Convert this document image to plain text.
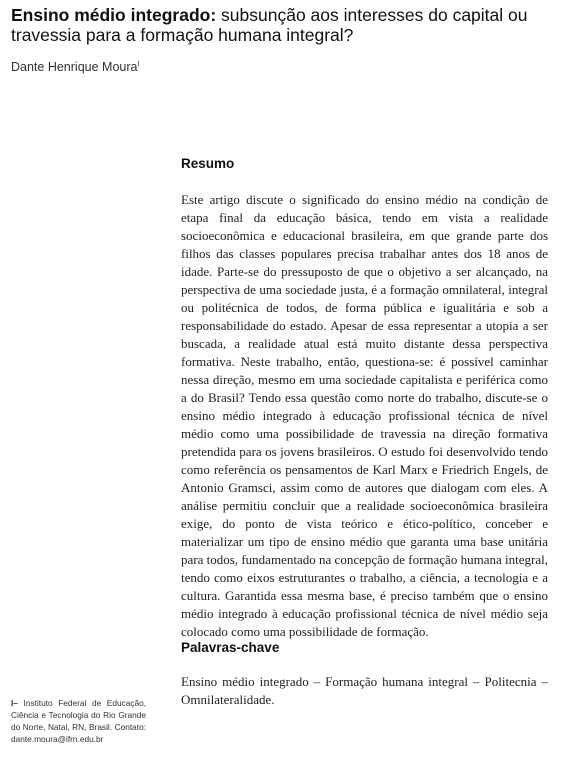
Ensino médio integrado: subsunção aos interesses do capital ou travessia para a formação humana integral?
Dante Henrique Moura$^I$
Resumo
Este artigo discute o significado do ensino médio na condição de etapa final da educação básica, tendo em vista a realidade socioeconômica e educacional brasileira, em que grande parte dos filhos das classes populares precisa trabalhar antes dos 18 anos de idade. Parte-se do pressuposto de que o objetivo a ser alcançado, na perspectiva de uma sociedade justa, é a formação omnilateral, integral ou politécnica de todos, de forma pública e igualitária e sob a responsabilidade do estado. Apesar de essa representar a utopia a ser buscada, a realidade atual está muito distante dessa perspectiva formativa. Neste trabalho, então, questiona-se: é possível caminhar nessa direção, mesmo em uma sociedade capitalista e periférica como a do Brasil? Tendo essa questão como norte do trabalho, discute-se o ensino médio integrado à educação profissional técnica de nível médio como uma possibilidade de travessia na direção formativa pretendida para os jovens brasileiros. O estudo foi desenvolvido tendo como referência os pensamentos de Karl Marx e Friedrich Engels, de Antonio Gramsci, assim como de autores que dialogam com eles. A análise permitiu concluir que a realidade socioeconômica brasileira exige, do ponto de vista teórico e ético-político, conceber e materializar um tipo de ensino médio que garanta uma base unitária para todos, fundamentado na concepção de formação humana integral, tendo como eixos estruturantes o trabalho, a ciência, a tecnologia e a cultura. Garantida essa mesma base, é preciso também que o ensino médio integrado à educação profissional técnica de nível médio seja colocado como uma possibilidade de formação.
Palavras-chave
Ensino médio integrado – Formação humana integral – Politecnia – Omnilateralidade.
I– Instituto Federal de Educação, Ciência e Tecnologia do Rio Grande do Norte, Natal, RN, Brasil. Contato: dante.moura@ifrn.edu.br
